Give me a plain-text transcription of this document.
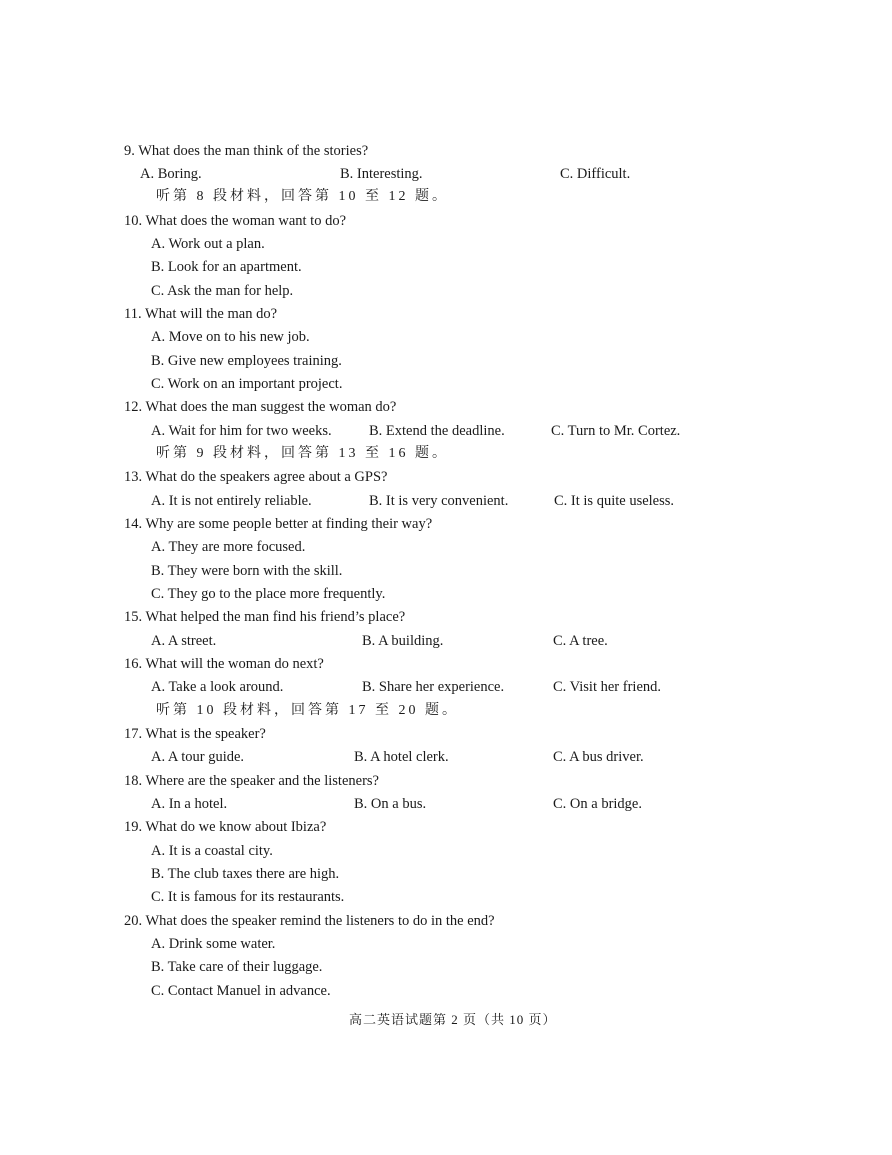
9. What does the man think of the stories?
A. Boring.	B. Interesting.	C. Difficult.
听第 8 段材料，回答第 10 至 12 题。
10. What does the woman want to do?
A. Work out a plan.
B. Look for an apartment.
C. Ask the man for help.
11. What will the man do?
A. Move on to his new job.
B. Give new employees training.
C. Work on an important project.
12. What does the man suggest the woman do?
A. Wait for him for two weeks.	B. Extend the deadline.	C. Turn to Mr. Cortez.
听第 9 段材料，回答第 13 至 16 题。
13. What do the speakers agree about a GPS?
A. It is not entirely reliable.	B. It is very convenient.	C. It is quite useless.
14. Why are some people better at finding their way?
A. They are more focused.
B. They were born with the skill.
C. They go to the place more frequently.
15. What helped the man find his friend’s place?
A. A street.	B. A building.	C. A tree.
16. What will the woman do next?
A. Take a look around.	B. Share her experience.	C. Visit her friend.
听第 10 段材料，回答第 17 至 20 题。
17. What is the speaker?
A. A tour guide.	B. A hotel clerk.	C. A bus driver.
18. Where are the speaker and the listeners?
A. In a hotel.	B. On a bus.	C. On a bridge.
19. What do we know about Ibiza?
A. It is a coastal city.
B. The club taxes there are high.
C. It is famous for its restaurants.
20. What does the speaker remind the listeners to do in the end?
A. Drink some water.
B. Take care of their luggage.
C. Contact Manuel in advance.
高二英语试题第 2 页（共 10 页）
